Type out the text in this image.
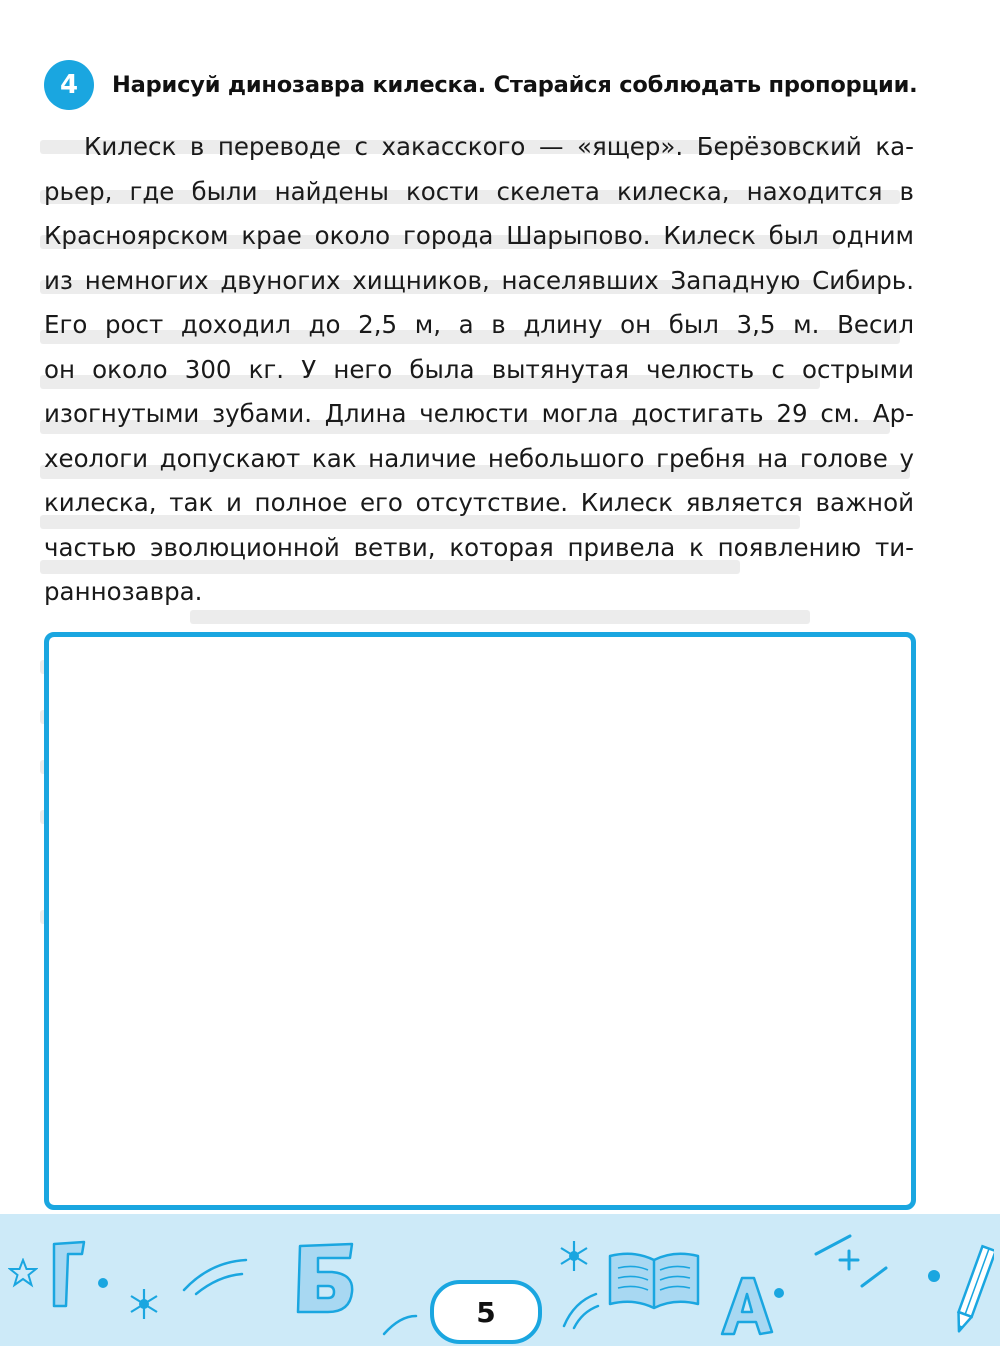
4	Нарисуй динозавра килеска. Старайся соблюдать пропорции.
Килеск в переводе с хакасского — «ящер». Берёзовский ка-
рьер, где были найдены кости скелета килеска, находится в
Красноярском крае около города Шарыпово. Килеск был одним
из немногих двуногих хищников, населявших Западную Сибирь.
Его рост доходил до 2,5 м, а в длину он был 3,5 м. Весил
он около 300 кг. У него была вытянутая челюсть с острыми
изогнутыми зубами. Длина челюсти могла достигать 29 см. Ар-
хеологи допускают как наличие небольшого гребня на голове у
килеска, так и полное его отсутствие. Килеск является важной
частью эволюционной ветви, которая привела к появлению ти-
раннозавра.
5
